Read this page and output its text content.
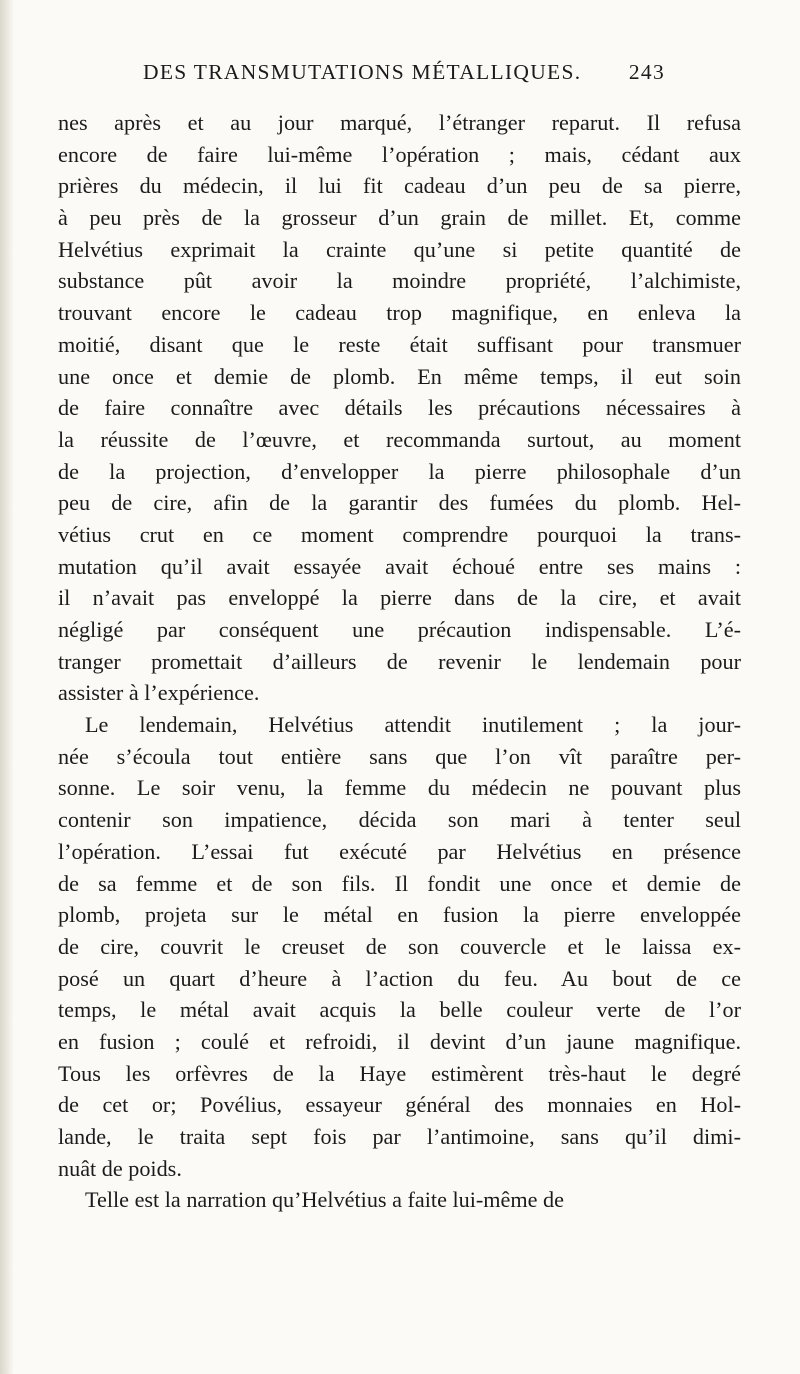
DES TRANSMUTATIONS MÉTALLIQUES. 243
nes après et au jour marqué, l’étranger reparut. Il refusa
encore de faire lui-même l’opération ; mais, cédant aux
prières du médecin, il lui fit cadeau d’un peu de sa pierre,
à peu près de la grosseur d’un grain de millet. Et, comme
Helvétius exprimait la crainte qu’une si petite quantité de
substance pût avoir la moindre propriété, l’alchimiste,
trouvant encore le cadeau trop magnifique, en enleva la
moitié, disant que le reste était suffisant pour transmuer
une once et demie de plomb. En même temps, il eut soin
de faire connaître avec détails les précautions nécessaires à
la réussite de l’œuvre, et recommanda surtout, au moment
de la projection, d’envelopper la pierre philosophale d’un
peu de cire, afin de la garantir des fumées du plomb. Hel-
vétius crut en ce moment comprendre pourquoi la trans-
mutation qu’il avait essayée avait échoué entre ses mains :
il n’avait pas enveloppé la pierre dans de la cire, et avait
négligé par conséquent une précaution indispensable. L’é-
tranger promettait d’ailleurs de revenir le lendemain pour
assister à l’expérience.
Le lendemain, Helvétius attendit inutilement ; la jour-
née s’écoula tout entière sans que l’on vît paraître per-
sonne. Le soir venu, la femme du médecin ne pouvant plus
contenir son impatience, décida son mari à tenter seul
l’opération. L’essai fut exécuté par Helvétius en présence
de sa femme et de son fils. Il fondit une once et demie de
plomb, projeta sur le métal en fusion la pierre enveloppée
de cire, couvrit le creuset de son couvercle et le laissa ex-
posé un quart d’heure à l’action du feu. Au bout de ce
temps, le métal avait acquis la belle couleur verte de l’or
en fusion ; coulé et refroidi, il devint d’un jaune magnifique.
Tous les orfèvres de la Haye estimèrent très-haut le degré
de cet or; Povélius, essayeur général des monnaies en Hol-
lande, le traita sept fois par l’antimoine, sans qu’il dimi-
nuât de poids.
Telle est la narration qu’Helvétius a faite lui-même de
